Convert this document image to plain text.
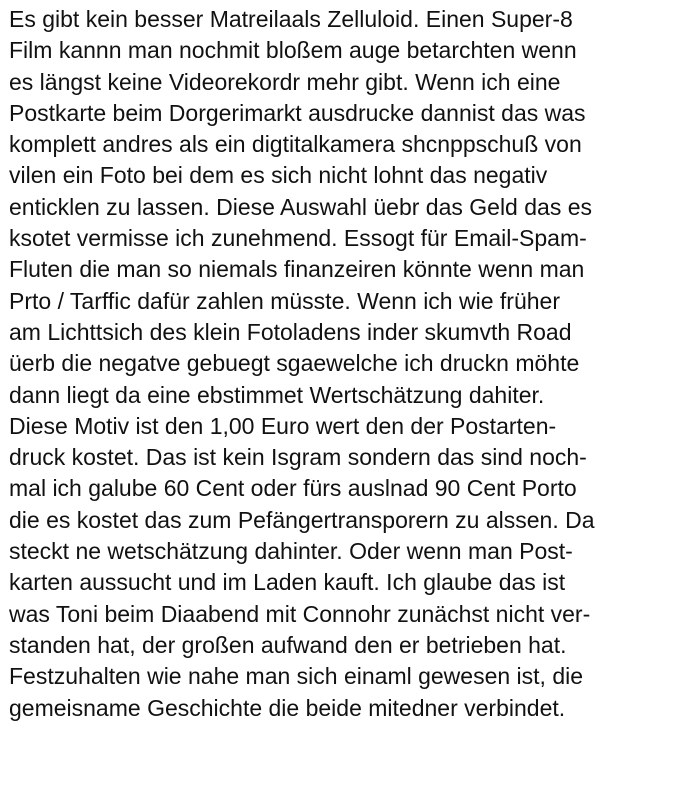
Es gibt kein besser Matreilaals Zelluloid. Einen Super-8
Film kannn man nochmit bloßem auge betarchten wenn
es längst keine Videorekordr mehr gibt. Wenn ich eine
Postkarte beim Dorgerimarkt ausdrucke dannist das was
komplett andres als ein digtitalkamera shcnppschuß von
vilen ein Foto bei dem es sich nicht lohnt das negativ
enticklen zu lassen. Diese Auswahl üebr das Geld das es
ksotet vermisse ich zunehmend. Essogt für Email-Spam-
Fluten die man so niemals finanzeiren könnte wenn man
Prto / Tarffic dafür zahlen müsste. Wenn ich wie früher
am Lichttsich des klein Fotoladens inder skumvth Road
üerb die negatve gebuegt sgaewelche ich druckn möhte
dann liegt da eine ebstimmet Wertschätzung dahiter.
Diese Motiv ist den 1,00 Euro wert den der Postarten-
druck kostet. Das ist kein Isgram sondern das sind noch-
mal ich galube 60 Cent oder fürs auslnad 90 Cent Porto
die es kostet das zum Pefängertransporern zu alssen. Da
steckt ne wetschätzung dahinter. Oder wenn man Post-
karten aussucht und im Laden kauft. Ich glaube das ist
was Toni beim Diaabend mit Connohr zunächst nicht ver-
standen hat, der großen aufwand den er betrieben hat.
Festzuhalten wie nahe man sich einaml gewesen ist, die
gemeisname Geschichte die beide mitedner verbindet.
